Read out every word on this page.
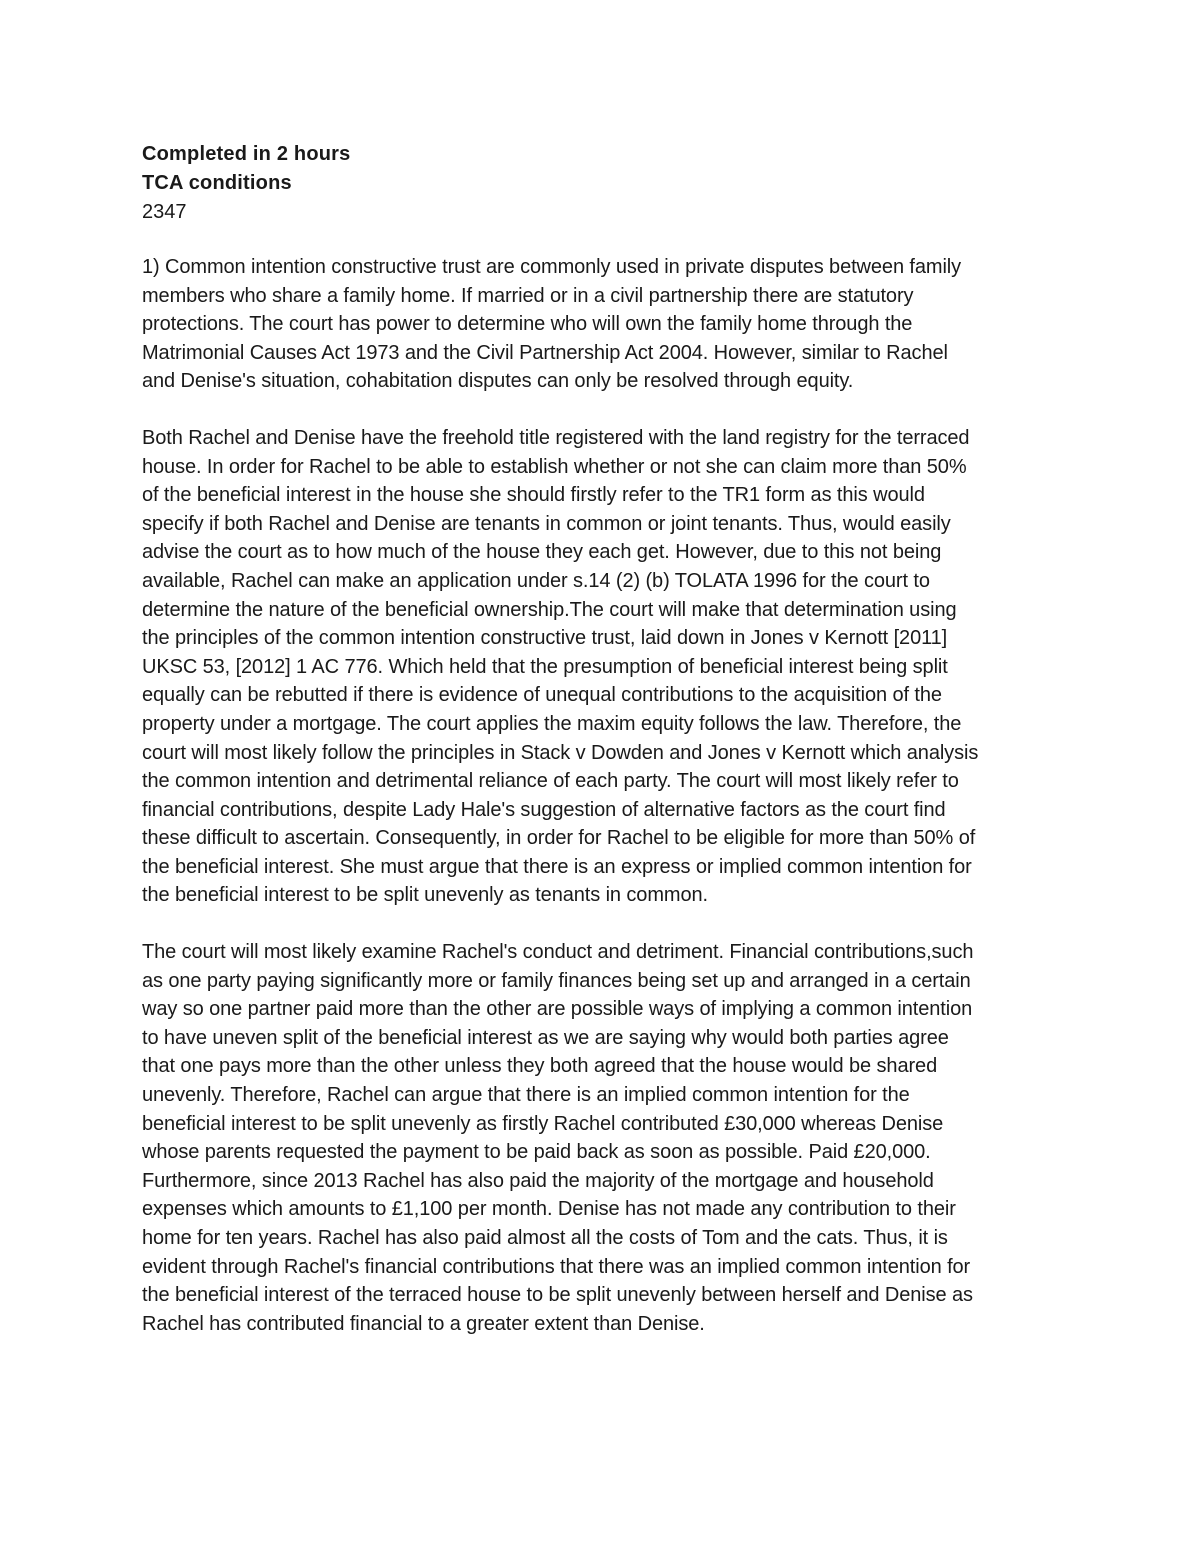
Completed in 2 hours

TCA conditions

2347

1) Common intention constructive trust are commonly used in private disputes between family
members who share a family home. If married or in a civil partnership there are statutory
protections. The court has power to determine who will own the family home through the
Matrimonial Causes Act 1973 and the Civil Partnership Act 2004. However, similar to Rachel
and Denise's situation, cohabitation disputes can only be resolved through equity.

Both Rachel and Denise have the freehold title registered with the land registry for the terraced
house. In order for Rachel to be able to establish whether or not she can claim more than 50%
of the beneficial interest in the house she should firstly refer to the TR1 form as this would
specify if both Rachel and Denise are tenants in common or joint tenants. Thus, would easily
advise the court as to how much of the house they each get. However, due to this not being
available, Rachel can make an application under s.14 (2) (b) TOLATA 1996 for the court to
determine the nature of the beneficial ownership.The court will make that determination using
the principles of the common intention constructive trust, laid down in Jones v Kernott [2011]
UKSC 53, [2012] 1 AC 776. Which held that the presumption of beneficial interest being split
equally can be rebutted if there is evidence of unequal contributions to the acquisition of the
property under a mortgage. The court applies the maxim equity follows the law. Therefore, the
court will most likely follow the principles in Stack v Dowden and Jones v Kernott which analysis
the common intention and detrimental reliance of each party. The court will most likely refer to
financial contributions, despite Lady Hale's suggestion of alternative factors as the court find
these difficult to ascertain. Consequently, in order for Rachel to be eligible for more than 50% of
the beneficial interest. She must argue that there is an express or implied common intention for
the beneficial interest to be split unevenly as tenants in common.

The court will most likely examine Rachel's conduct and detriment. Financial contributions,such
as one party paying significantly more or family finances being set up and arranged in a certain
way so one partner paid more than the other are possible ways of implying a common intention
to have uneven split of the beneficial interest as we are saying why would both parties agree
that one pays more than the other unless they both agreed that the house would be shared
unevenly. Therefore, Rachel can argue that there is an implied common intention for the
beneficial interest to be split unevenly as firstly Rachel contributed £30,000 whereas Denise
whose parents requested the payment to be paid back as soon as possible. Paid £20,000.
Furthermore, since 2013 Rachel has also paid the majority of the mortgage and household
expenses which amounts to £1,100 per month. Denise has not made any contribution to their
home for ten years. Rachel has also paid almost all the costs of Tom and the cats. Thus, it is
evident through Rachel's financial contributions that there was an implied common intention for
the beneficial interest of the terraced house to be split unevenly between herself and Denise as
Rachel has contributed financial to a greater extent than Denise.
